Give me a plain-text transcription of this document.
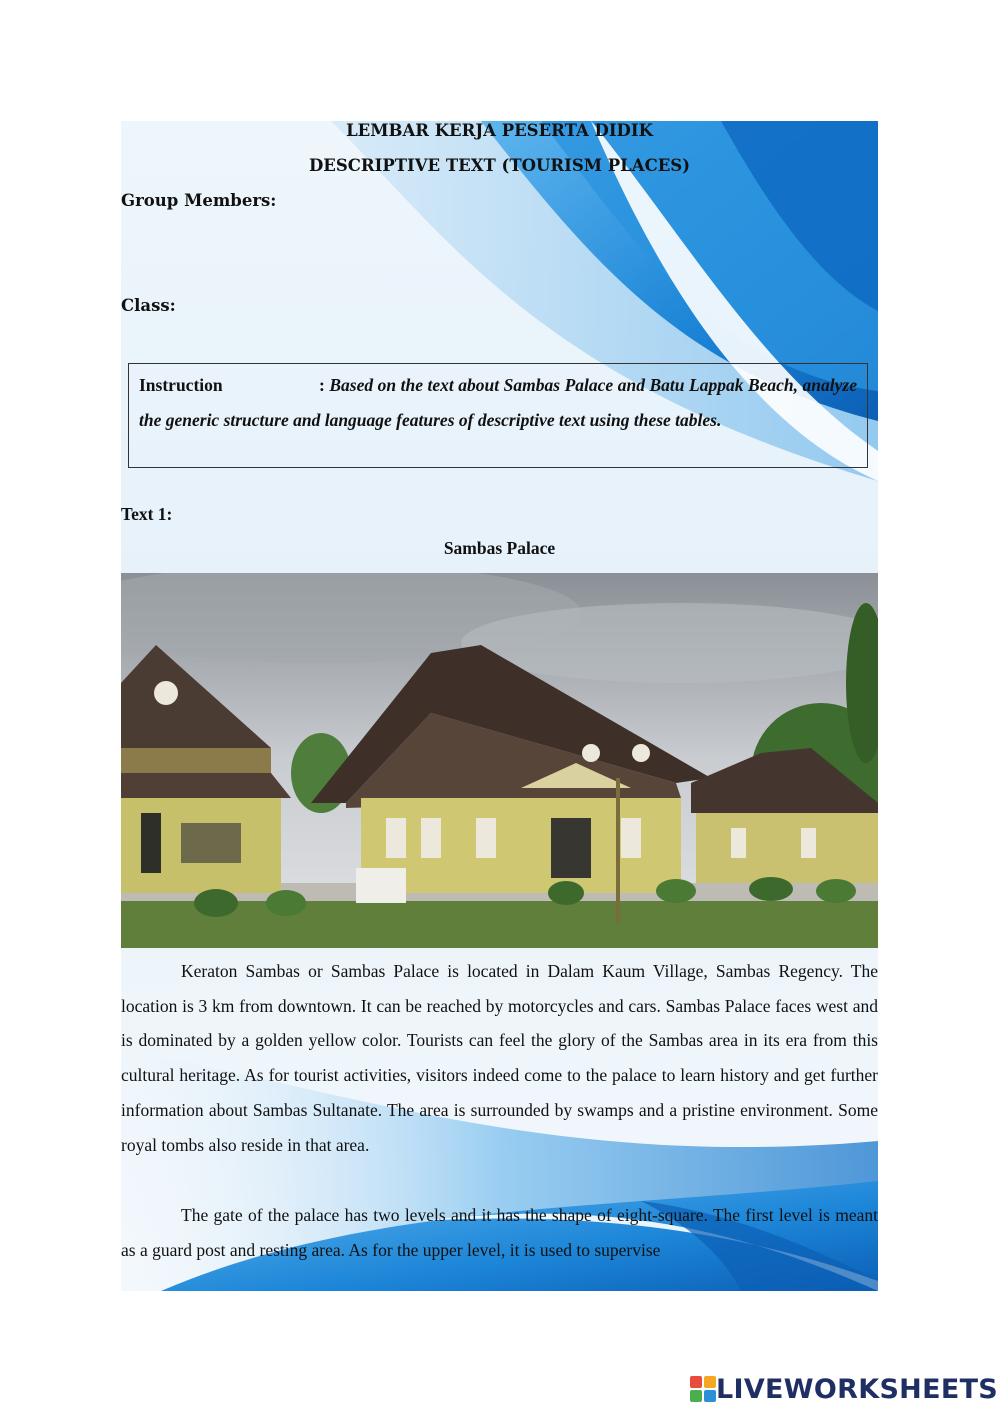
LEMBAR KERJA PESERTA DIDIK
DESCRIPTIVE TEXT (TOURISM PLACES)
Group Members:
Class:
Instruction	: Based on the text about Sambas Palace and Batu Lappak Beach, analyze the generic structure and language features of descriptive text using these tables.
Text 1:
Sambas Palace
Keraton Sambas or Sambas Palace is located in Dalam Kaum Village, Sambas Regency. The location is 3 km from downtown. It can be reached by motorcycles and cars. Sambas Palace faces west and is dominated by a golden yellow color. Tourists can feel the glory of the Sambas area in its era from this cultural heritage. As for tourist activities, visitors indeed come to the palace to learn history and get further information about Sambas Sultanate. The area is surrounded by swamps and a pristine environment. Some royal tombs also reside in that area.
The gate of the palace has two levels and it has the shape of eight-square. The first level is meant as a guard post and resting area. As for the upper level, it is used to supervise
LIVEWORKSHEETS
